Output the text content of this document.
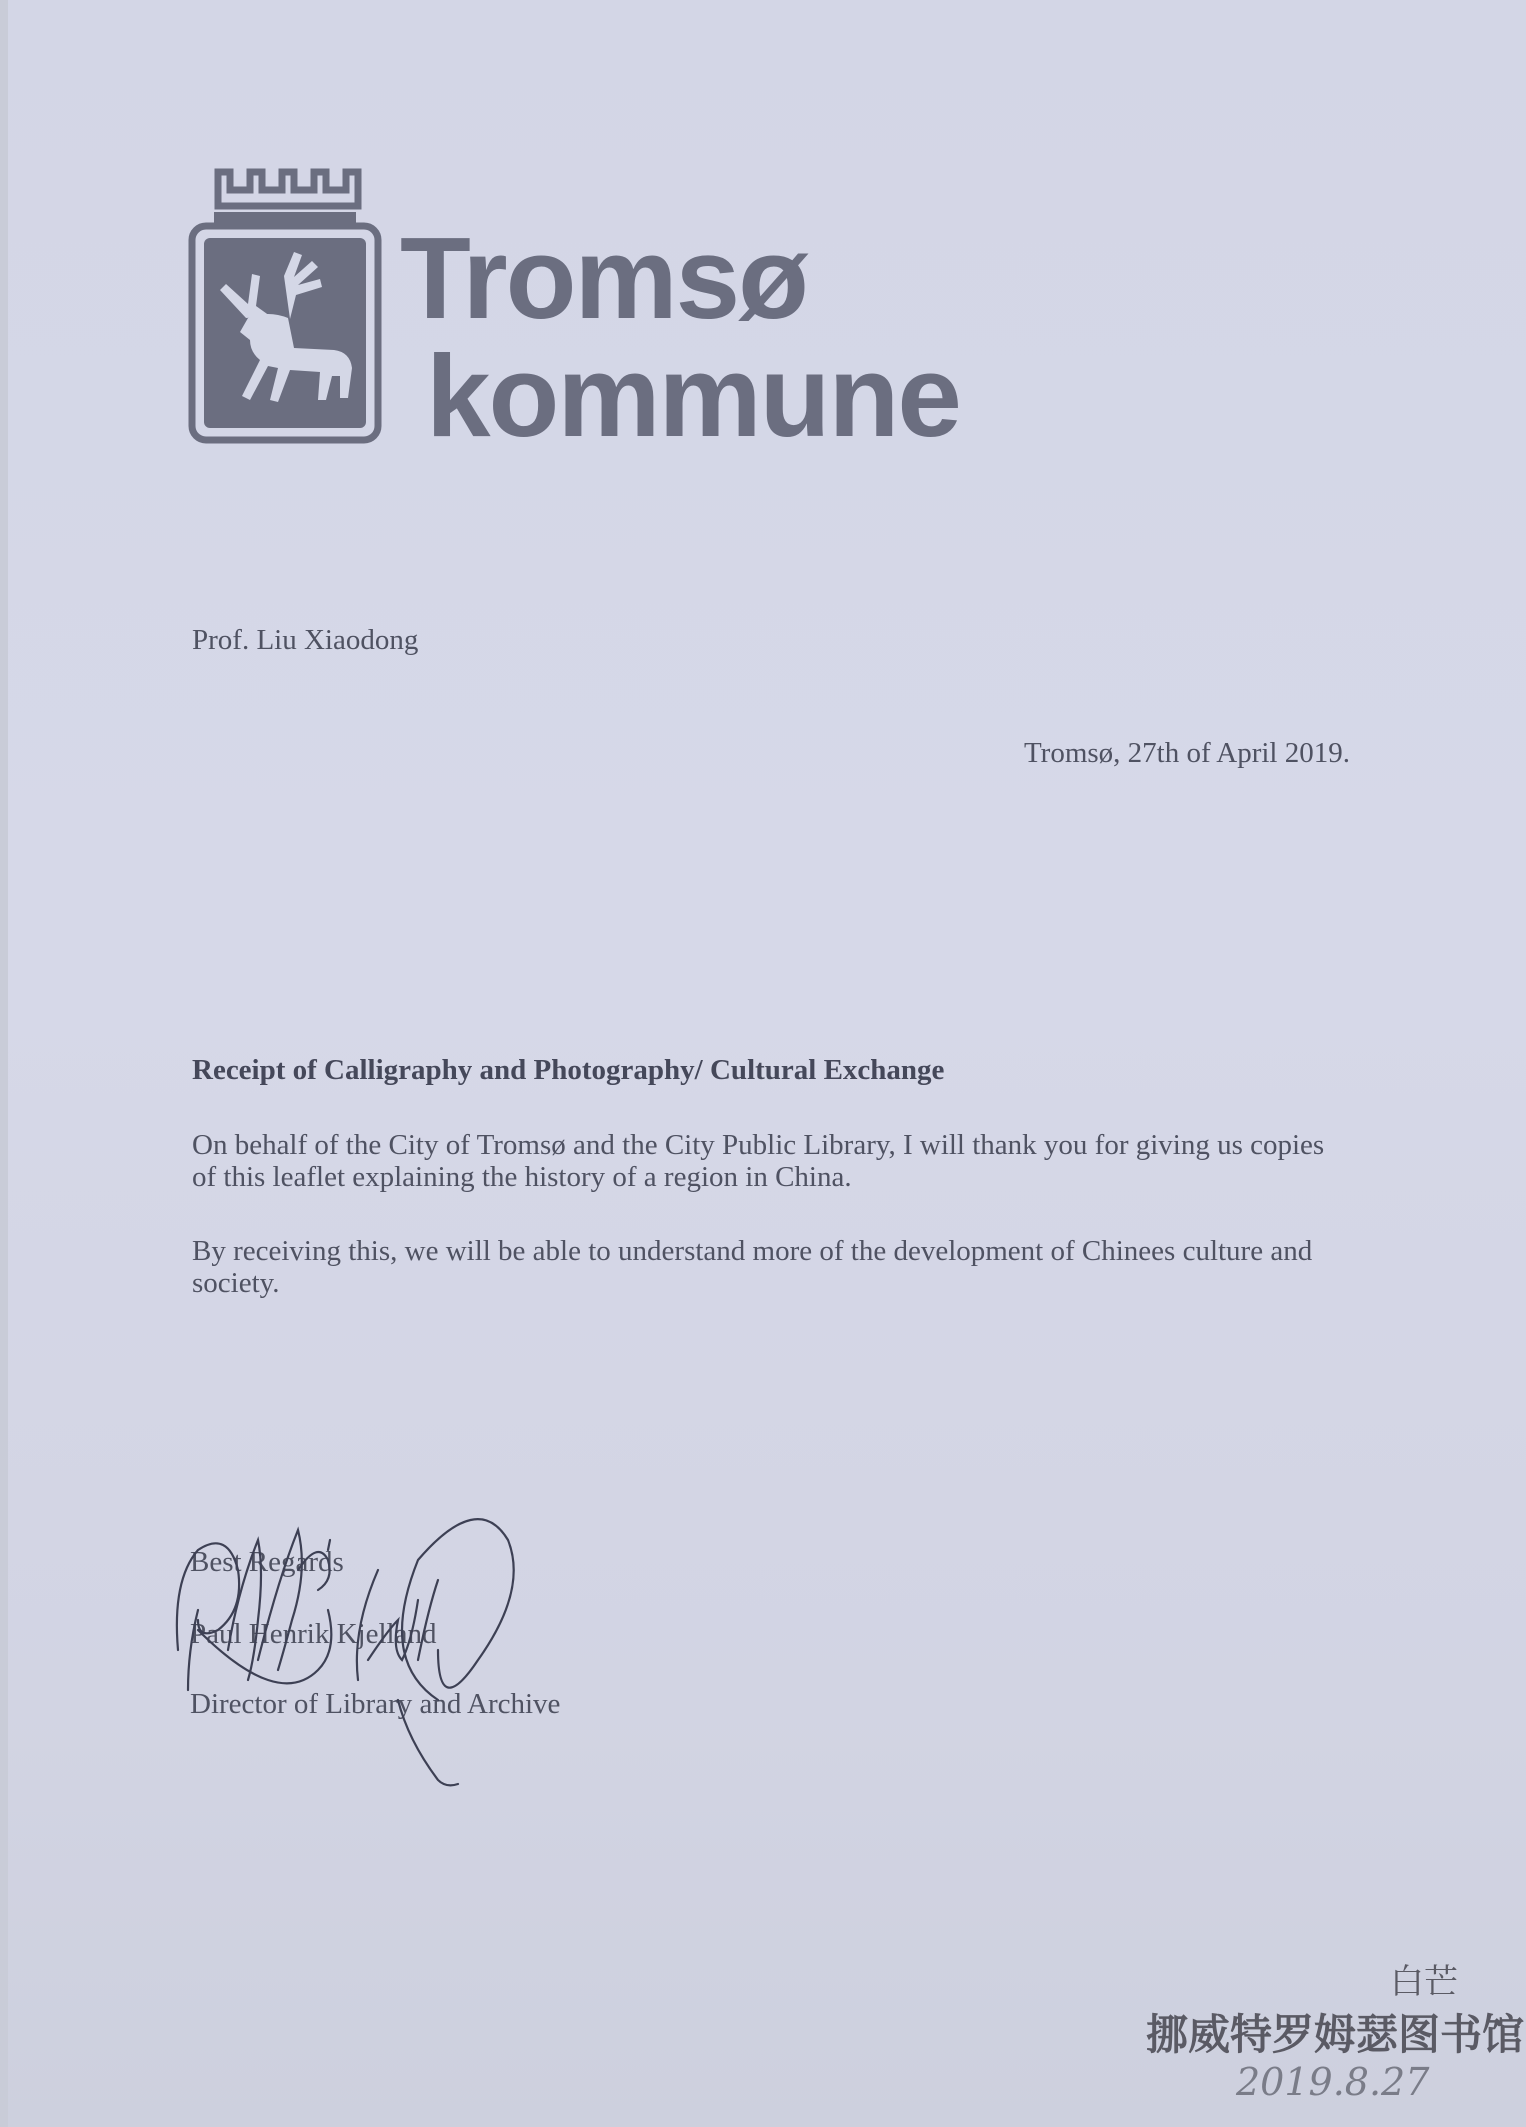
Tromsø
kommune
Prof. Liu Xiaodong
Tromsø, 27th of April 2019.
Receipt of Calligraphy and Photography/ Cultural Exchange
On behalf of the City of Tromsø and the City Public Library, I will thank you for giving us copies of this leaflet explaining the history of a region in China.
By receiving this, we will be able to understand more of the development of Chinees culture and society.
Best Regards
Paul Henrik Kjelland
Director of Library and Archive
白芒
挪威特罗姆瑟图书馆
2019.8.27
